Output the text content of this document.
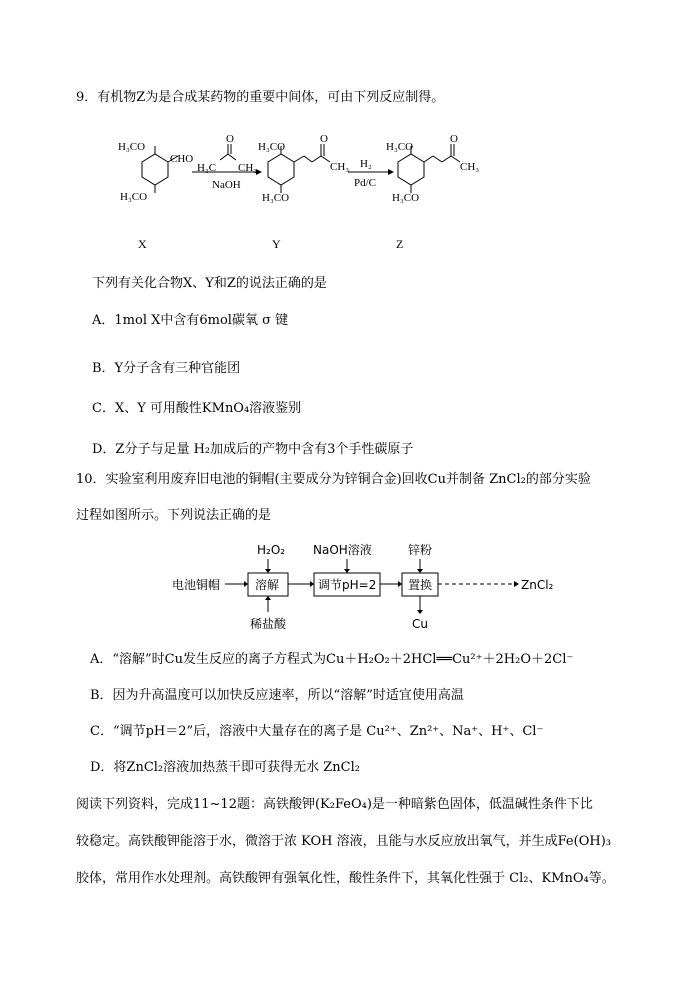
9．有机物Z为是合成某药物的重要中间体，可由下列反应制得。
H₃CO
CHO
H₃CO
H₃C
O
CH₃
NaOH
H₃CO
H₃CO
O
CH₃ H₂
Pd/C
H₃CO
H₃CO
O
CH₃
X	Y	Z
下列有关化合物X、Y和Z的说法正确的是
A．1mol X中含有6mol碳氧 σ 键
B．Y分子含有三种官能团
C．X、Y 可用酸性KMnO₄溶液鉴别
D．Z分子与足量 H₂加成后的产物中含有3个手性碳原子
10．实验室利用废弃旧电池的铜帽(主要成分为锌铜合金)回收Cu并制备 ZnCl₂的部分实验
过程如图所示。下列说法正确的是
电池铜帽	溶解	调节pH=2	置换	ZnCl₂
H₂O₂ NaOH溶液	锌粉
稀盐酸	Cu
A．“溶解”时Cu发生反应的离子方程式为Cu＋H₂O₂＋2HCl══Cu²⁺＋2H₂O＋2Cl⁻
B．因为升高温度可以加快反应速率，所以“溶解”时适宜使用高温
C．“调节pH＝2”后，溶液中大量存在的离子是 Cu²⁺、Zn²⁺、Na⁺、H⁺、Cl⁻
D．将ZnCl₂溶液加热蒸干即可获得无水 ZnCl₂
阅读下列资料，完成11~12题：高铁酸钾(K₂FeO₄)是一种暗紫色固体，低温碱性条件下比
较稳定。高铁酸钾能溶于水，微溶于浓 KOH 溶液，且能与水反应放出氧气，并生成Fe(OH)₃
胶体，常用作水处理剂。高铁酸钾有强氧化性，酸性条件下，其氧化性强于 Cl₂、KMnO₄等。
